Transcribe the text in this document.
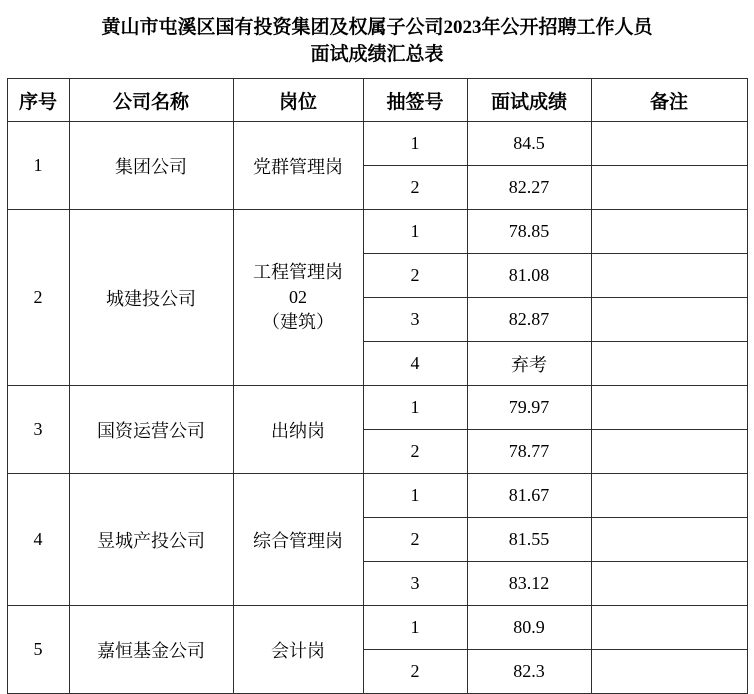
黄山市屯溪区国有投资集团及权属子公司2023年公开招聘工作人员
面试成绩汇总表
序号	公司名称	岗位	抽签号	面试成绩	备注
1	集团公司	党群管理岗	1	84.5	
			2	82.27	
2	城建投公司	工程管理岗
02
（建筑）	1	78.85	
			2	81.08	
			3	82.87	
			4	弃考	
3	国资运营公司	出纳岗	1	79.97	
			2	78.77	
4	昱城产投公司	综合管理岗	1	81.67	
			2	81.55	
			3	83.12	
5	嘉恒基金公司	会计岗	1	80.9	
			2	82.3	
